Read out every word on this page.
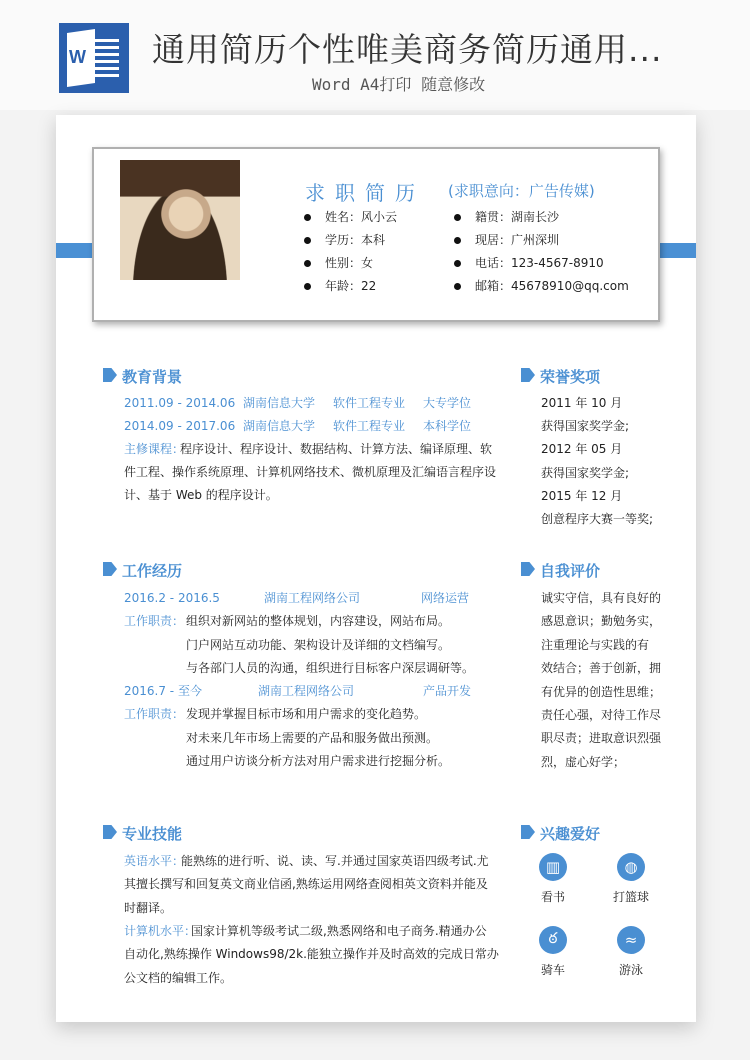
W 通用简历个性唯美商务简历通用...
Word A4打印 随意修改
求职简历 (求职意向：广告传媒)
姓名：风小云	籍贯：湖南长沙
学历：本科	现居：广州深圳
性别：女	电话：123-4567-8910
年龄：22	邮箱：45678910@qq.com
教育背景
2011.09 - 2014.06 湖南信息大学 软件工程专业 大专学位
2014.09 - 2017.06 湖南信息大学 软件工程专业 本科学位
主修课程：
程序设计、程序设计、数据结构、计算方法、编译原理、软
件工程、操作系统原理、计算机网络技术、微机原理及汇编语言程序设
计、基于 Web 的程序设计。
工作经历
2016.2 - 2016.5	湖南工程网络公司	网络运营
工作职责： 组织对新网站的整体规划，内容建设，网站布局。
门户网站互动功能、架构设计及详细的文档编写。
与各部门人员的沟通，组织进行目标客户深层调研等。
2016.7 - 至今	湖南工程网络公司	产品开发
工作职责： 发现并掌握目标市场和用户需求的变化趋势。
对未来几年市场上需要的产品和服务做出预测。
通过用户访谈分析方法对用户需求进行挖掘分析。
专业技能
英语水平：
能熟练的进行听、说、读、写.并通过国家英语四级考试.尤
其擅长撰写和回复英文商业信函,熟练运用网络查阅相英文资料并能及
时翻译。
计算机水平：
国家计算机等级考试二级,熟悉网络和电子商务.精通办公
自动化,熟练操作 Windows98/2k.能独立操作并及时高效的完成日常办
公文档的编辑工作。
荣誉奖项
2011 年 10 月
获得国家奖学金;
2012 年 05 月
获得国家奖学金;
2015 年 12 月
创意程序大赛一等奖;
自我评价
诚实守信，具有良好的
感恩意识；勤勉务实，
注重理论与实践的有
效结合；善于创新，拥
有优异的创造性思维；
责任心强，对待工作尽
职尽责；进取意识烈强
烈，虚心好学；
兴趣爱好
▥
看书
◍
打篮球
ఠ
骑车
≈
游泳
